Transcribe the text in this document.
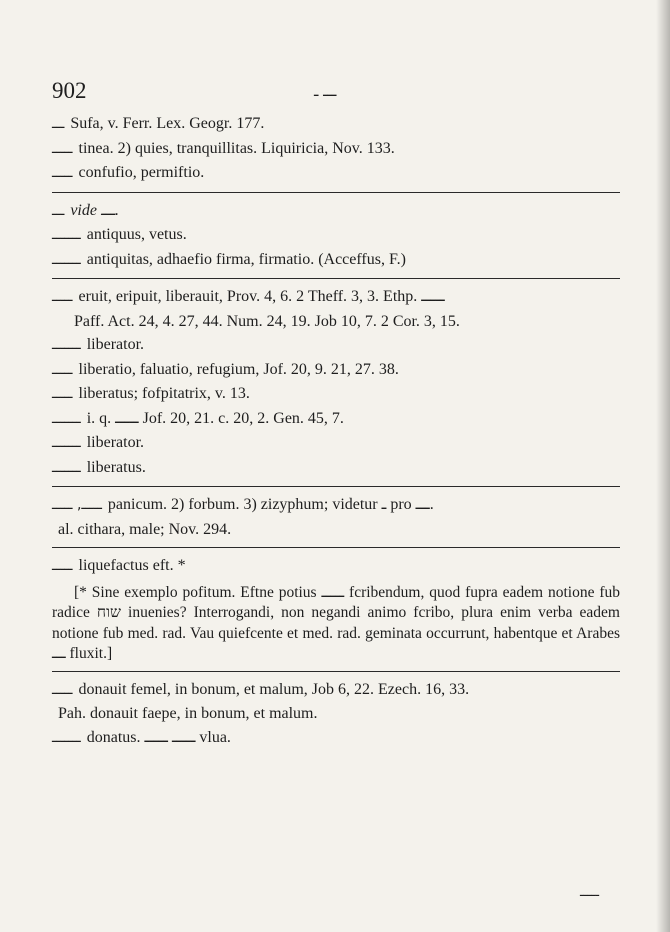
902	ـــ ـ
ـــ Sufa, v. Ferr. Lex. Geogr. 177.
ـــــ tinea. 2) quies, tranquillitas. Liquiricia, Nov. 133.
ـــــ confufio, permiftio.
ـــ vide ـــ.
ـــــــ antiquus, vetus.
ـــــــ antiquitas, adhaefio firma, firmatio. (Acceffus, F.)
ـــــ eruit, eripuit, liberauit, Prov. 4, 6. 2 Theff. 3, 3. Ethp. ـــــ
Paff. Act. 24, 4. 27, 44. Num. 24, 19. Job 10, 7. 2 Cor. 3, 15.
ـــــــ liberator.
ـــــ liberatio, faluatio, refugium, Jof. 20, 9. 21, 27. 38.
ـــــ liberatus; fofpitatrix, v. 13.
ـــــــ i. q. ـــــ Jof. 20, 21. c. 20, 2. Gen. 45, 7.
ـــــــ liberator.
ـــــــ liberatus.
ـــــ, ـــــ panicum. 2) forbum. 3) zizyphum; videtur ـ pro ـــ.
al. cithara, male; Nov. 294.
ـــــ liquefactus eft. *
[* Sine exemplo pofitum. Eftne potius ـــــ fcribendum, quod fupra eadem notione fub radice שוח inuenies? Interrogandi, non negandi animo fcribo, plura enim verba eadem notione fub med. rad. Vau quiefcente et med. rad. geminata occurrunt, habentque et Arabes ـــ fluxit.]
ـــــ donauit femel, in bonum, et malum, Job 6, 22. Ezech. 16, 33.
Pah. donauit faepe, in bonum, et malum.
ـــــــ donatus. ـــــ ـــــ vlua.
ـــــ
